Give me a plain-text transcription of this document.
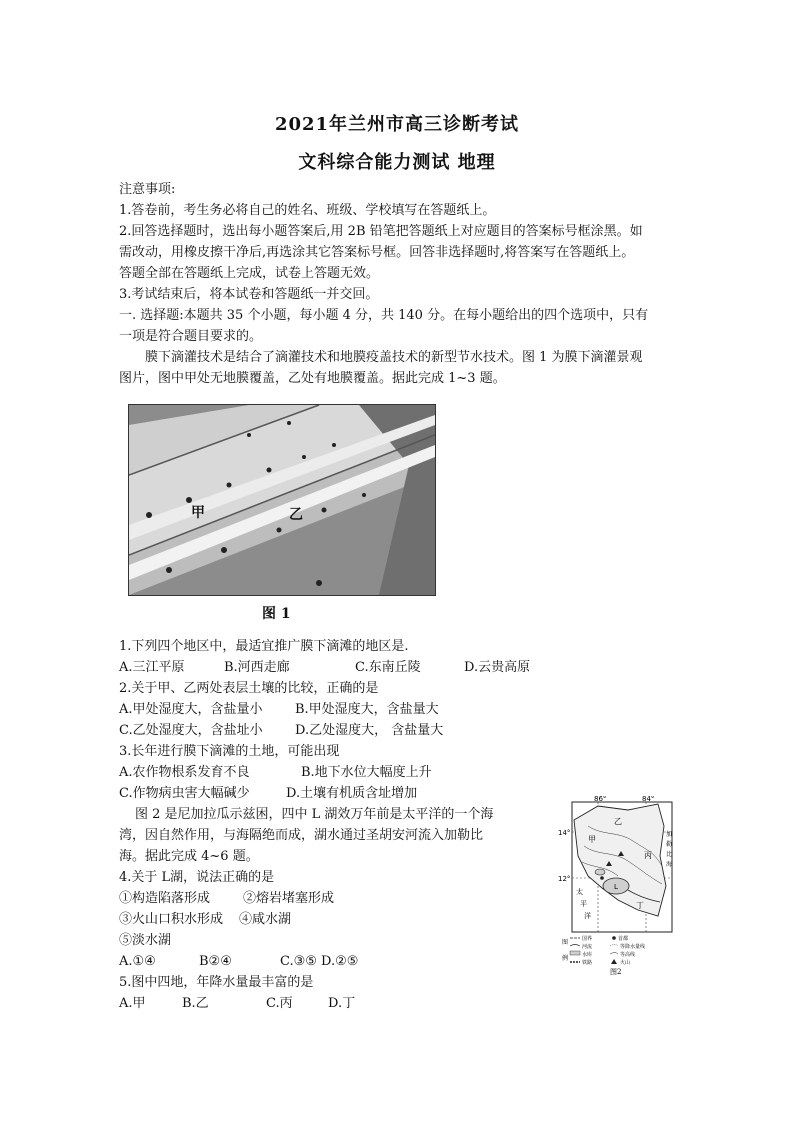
2021年兰州市高三诊断考试
文科综合能力测试 地理
注意事项:
1.答卷前，考生务必将自己的姓名、班级、学校填写在答题纸上。
2.回答选择题时，选出每小题答案后,用 2B 铅笔把答题纸上对应题目的答案标号框涂黑。如
需改动，用橡皮擦干净后,再选涂其它答案标号框。回答非选择题时,将答案写在答题纸上。
答题全部在答题纸上完成，试卷上答题无效。
3.考试结束后，将本试卷和答题纸一并交回。
一. 选择题:本题共 35 个小题，每小题 4 分，共 140 分。在每小题给出的四个选项中，只有
一项是符合题目要求的。
膜下滴灌技术是结合了滴灌技术和地膜疫盖技术的新型节水技术。图 1 为膜下滴灌景观
图片，图中甲处无地膜覆盖，乙处有地膜覆盖。据此完成 1~3 题。
甲	乙
图 1
1.下列四个地区中，最适宜推广膜下滴滩的地区是.
A.三江平原	B.河西走廊	C.东南丘陵	D.云贵高原
2.关于甲、乙两处表层土壤的比较，正确的是
A.甲处湿度大，含盐量小 B.甲处湿度大，含盐量大
C.乙处湿度大，含盐址小 D.乙处湿度大， 含盐量大
3.长年进行膜下滴滩的土地，可能出现
A.农作物根系发育不良	B.地下水位大幅度上升
C.作物病虫害大幅碱少	D.土壤有机质含址增加
图 2 是尼加拉瓜示兹困，四中 L 湖效万年前是太平洋的一个海
湾，因自然作用，与海隔绝而成，湖水通过圣胡安河流入加勒比
海。据此完成 4~6 题。
4.关于 L湖，说法正确的是
①构造陷落形成	②熔岩堵塞形成
③火山口积水形成 ④咸水湖
⑤淡水湖
A.①④	B②④	C.③⑤ D.②⑤
5.图中四地，年降水量最丰富的是
A.甲	B.乙	C.丙	D.丁
86°	84°
14°
12°
L
甲
乙
丙
丁
太
平
洋
加
勒
比
海
图
例
国界
河流
水库
铁路
首都
等降水量线
等高线
火山
图2
